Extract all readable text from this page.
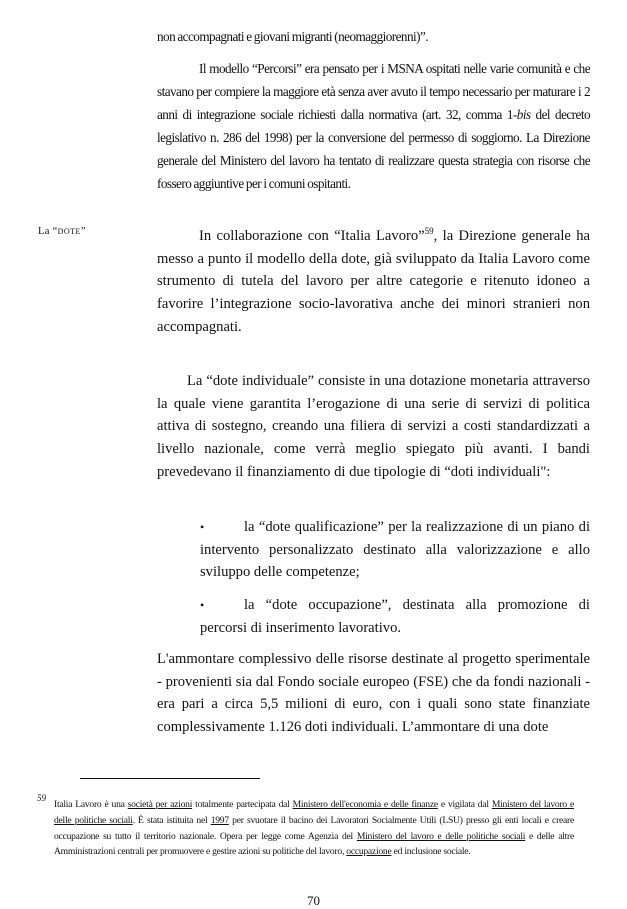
non accompagnati e giovani migranti (neomaggiorenni)”.

Il modello “Percorsi” era pensato per i MSNA ospitati nelle varie comunità e che stavano per compiere la maggiore età senza aver avuto il tempo necessario per maturare i 2 anni di integrazione sociale richiesti dalla normativa (art. 32, comma 1-bis del decreto legislativo n. 286 del 1998) per la conversione del permesso di soggiorno. La Direzione generale del Ministero del lavoro ha tentato di realizzare questa strategia con risorse che fossero aggiuntive per i comuni ospitanti.

La “DOTE”	In collaborazione con “Italia Lavoro”$^{59}$, la Direzione generale ha messo a punto il modello della dote, già sviluppato da Italia Lavoro come strumento di tutela del lavoro per altre categorie e ritenuto idoneo a favorire l’integrazione socio-lavorativa anche dei minori stranieri non accompagnati.

La “dote individuale” consiste in una dotazione monetaria attraverso la quale viene garantita l’erogazione di una serie di servizi di politica attiva di sostegno, creando una filiera di servizi a costi standardizzati a livello nazionale, come verrà meglio spiegato più avanti. I bandi prevedevano il finanziamento di due tipologie di “doti individuali":

•	la “dote qualificazione” per la realizzazione di un piano di intervento personalizzato destinato alla valorizzazione e allo sviluppo delle competenze;

•	la “dote occupazione”, destinata alla promozione di percorsi di inserimento lavorativo.

L'ammontare complessivo delle risorse destinate al progetto sperimentale - provenienti sia dal Fondo sociale europeo (FSE) che da fondi nazionali - era pari a circa 5,5 milioni di euro, con i quali sono state finanziate complessivamente 1.126 doti individuali. L’ammontare di una dote

59

Italia Lavoro è una società per azioni totalmente partecipata dal Ministero dell'economia e delle finanze e vigilata dal Ministero del lavoro e delle politiche sociali. È stata istituita nel 1997 per svuotare il bacino dei Lavoratori Socialmente Utili (LSU) presso gli enti locali e creare occupazione su tutto il territorio nazionale. Opera per legge come Agenzia del Ministero del lavoro e delle politiche sociali e delle altre Amministrazioni centrali per promuovere e gestire azioni su politiche del lavoro, occupazione ed inclusione sociale.

70
